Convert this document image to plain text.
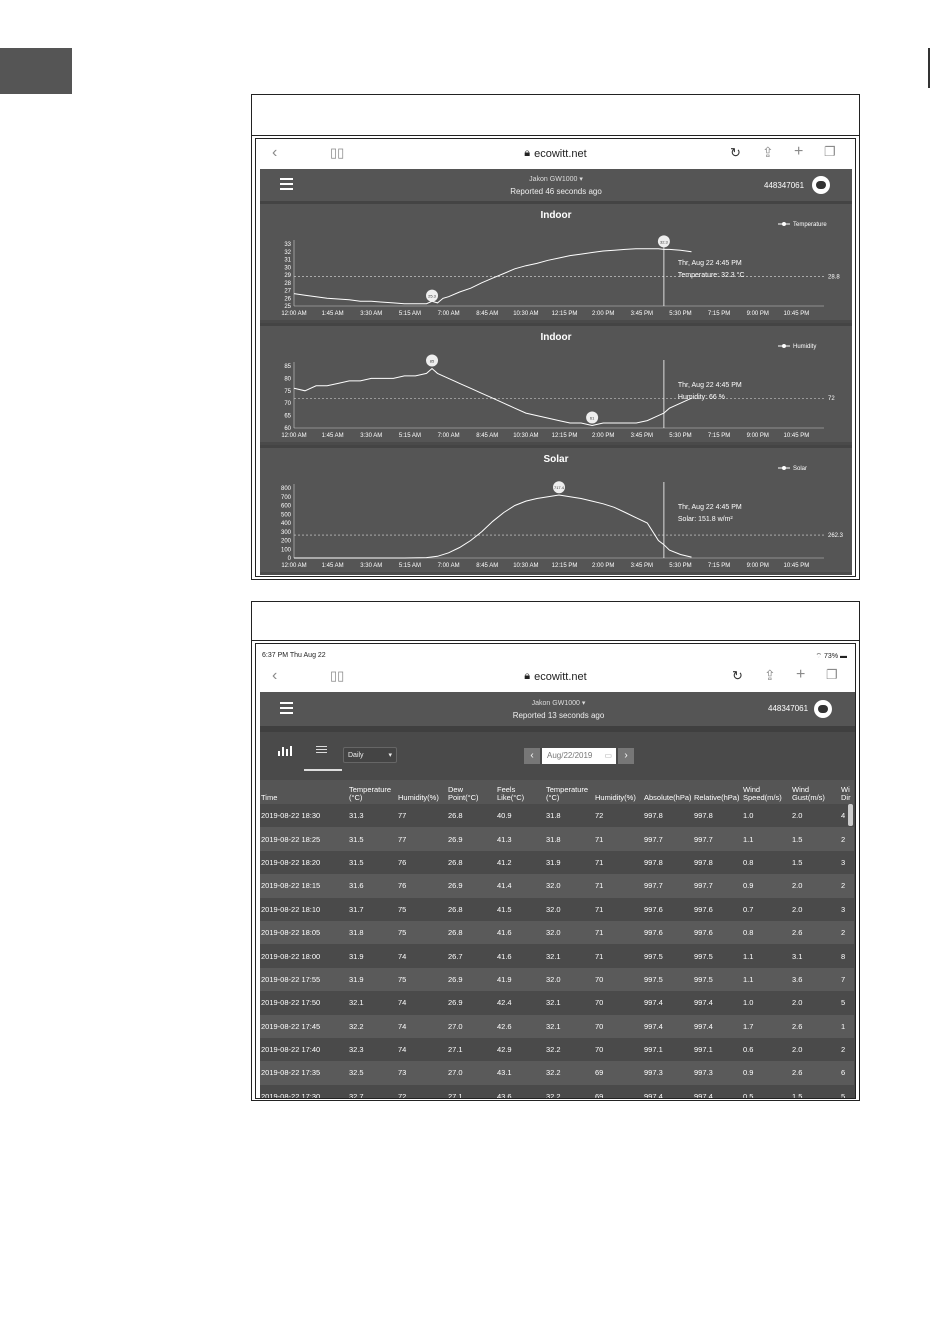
‹	▯▯	🔒︎ ecowitt.net	↻ ⇪ + ❐
Jakon GW1000 ▾
Reported 46 seconds ago
448347061
Indoor
Temperature
25
26
27
28
29
30
31
32
33
12:00 AM 1:45 AM	3:30 AM	5:15 AM	7:00 AM	8:45 AM 10:30 AM 12:15 PM 2:00 PM	3:45 PM	5:30 PM	7:15 PM	9:00 PM 10:45 PM
28.8
Thr, Aug 22 4:45 PM
Temperature: 32.3 °C
25.3
32.3
Indoor
Humidity
60
65
70
75
80
85
12:00 AM 1:45 AM	3:30 AM	5:15 AM	7:00 AM	8:45 AM 10:30 AM 12:15 PM 2:00 PM	3:45 PM	5:30 PM	7:15 PM	9:00 PM 10:45 PM
72
Thr, Aug 22 4:45 PM
Humidity: 66 %
85
61
Solar
Solar
0
100
200
300
400
500
600
700
800
12:00 AM 1:45 AM	3:30 AM	5:15 AM	7:00 AM	8:45 AM 10:30 AM 12:15 PM 2:00 PM	3:45 PM	5:30 PM	7:15 PM	9:00 PM 10:45 PM
262.3
Thr, Aug 22 4:45 PM
Solar: 151.8 w/m²
717.4
6:37 PM Thu Aug 22	⌔ 73% ▬
‹	▯▯	🔒︎ ecowitt.net	↻ ⇪ + ❐
Jakon GW1000 ▾
Reported 13 seconds ago
448347061
Daily	▾	‹	Aug/22/2019 ▭	›
Time	Temperature (°C)	Humidity(%)	Dew Point(°C)	Feels Like(°C)	Temperature (°C)	Humidity(%)	Absolute(hPa)	Relative(hPa)	Wind Speed(m/s)	Wind Gust(m/s)	Wi Dir
2019-08-22 18:30	31.3	77	26.8	40.9	31.8	72	997.8	997.8	1.0	2.0	4
2019-08-22 18:25	31.5	77	26.9	41.3	31.8	71	997.7	997.7	1.1	1.5	2
2019-08-22 18:20	31.5	76	26.8	41.2	31.9	71	997.8	997.8	0.8	1.5	3
2019-08-22 18:15	31.6	76	26.9	41.4	32.0	71	997.7	997.7	0.9	2.0	2
2019-08-22 18:10	31.7	75	26.8	41.5	32.0	71	997.6	997.6	0.7	2.0	3
2019-08-22 18:05	31.8	75	26.8	41.6	32.0	71	997.6	997.6	0.8	2.6	2
2019-08-22 18:00	31.9	74	26.7	41.6	32.1	71	997.5	997.5	1.1	3.1	8
2019-08-22 17:55	31.9	75	26.9	41.9	32.0	70	997.5	997.5	1.1	3.6	7
2019-08-22 17:50	32.1	74	26.9	42.4	32.1	70	997.4	997.4	1.0	2.0	5
2019-08-22 17:45	32.2	74	27.0	42.6	32.1	70	997.4	997.4	1.7	2.6	1
2019-08-22 17:40	32.3	74	27.1	42.9	32.2	70	997.1	997.1	0.6	2.0	2
2019-08-22 17:35	32.5	73	27.0	43.1	32.2	69	997.3	997.3	0.9	2.6	6
2019-08-22 17:30	32.7	72	27.1	43.6	32.2	69	997.4	997.4	0.5	1.5	5
